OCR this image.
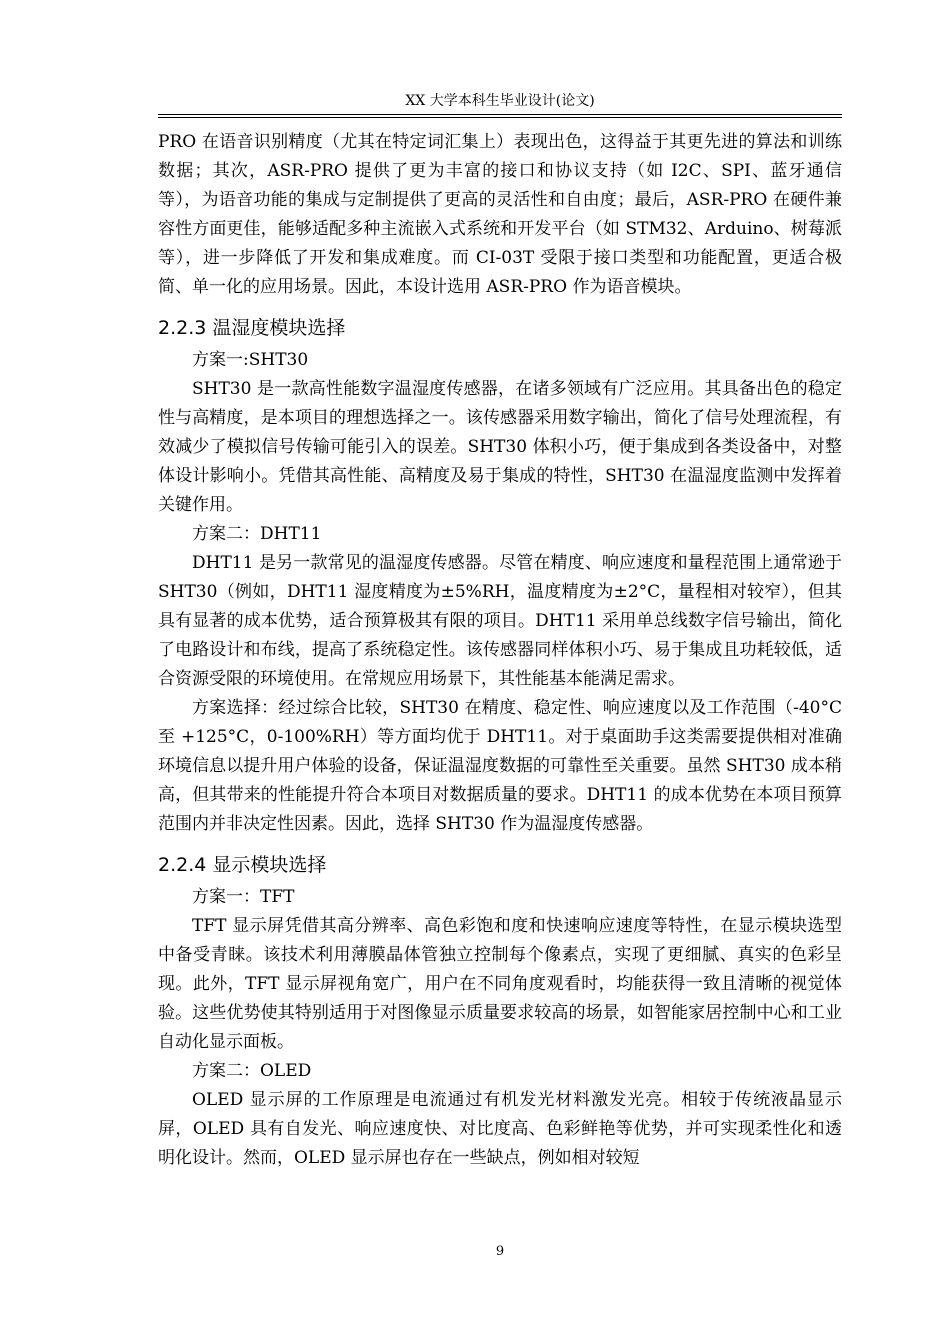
XX 大学本科生毕业设计(论文)

PRO 在语音识别精度（尤其在特定词汇集上）表现出色，这得益于其更先进的算法和训练数据；其次，ASR-PRO 提供了更为丰富的接口和协议支持（如 I2C、SPI、蓝牙通信等），为语音功能的集成与定制提供了更高的灵活性和自由度；最后，ASR-PRO 在硬件兼容性方面更佳，能够适配多种主流嵌入式系统和开发平台（如 STM32、Arduino、树莓派等），进一步降低了开发和集成难度。而 CI-03T 受限于接口类型和功能配置，更适合极简、单一化的应用场景。因此，本设计选用 ASR-PRO 作为语音模块。

2.2.3 温湿度模块选择

方案一:SHT30

SHT30 是一款高性能数字温湿度传感器，在诸多领域有广泛应用。其具备出色的稳定性与高精度，是本项目的理想选择之一。该传感器采用数字输出，简化了信号处理流程，有效减少了模拟信号传输可能引入的误差。SHT30 体积小巧，便于集成到各类设备中，对整体设计影响小。凭借其高性能、高精度及易于集成的特性，SHT30 在温湿度监测中发挥着关键作用。

方案二：DHT11

DHT11 是另一款常见的温湿度传感器。尽管在精度、响应速度和量程范围上通常逊于 SHT30（例如，DHT11 湿度精度为±5%RH，温度精度为±2°C，量程相对较窄），但其具有显著的成本优势，适合预算极其有限的项目。DHT11 采用单总线数字信号输出，简化了电路设计和布线，提高了系统稳定性。该传感器同样体积小巧、易于集成且功耗较低，适合资源受限的环境使用。在常规应用场景下，其性能基本能满足需求。

方案选择：经过综合比较，SHT30 在精度、稳定性、响应速度以及工作范围（-40°C 至 +125°C，0-100%RH）等方面均优于 DHT11。对于桌面助手这类需要提供相对准确环境信息以提升用户体验的设备，保证温湿度数据的可靠性至关重要。虽然 SHT30 成本稍高，但其带来的性能提升符合本项目对数据质量的要求。DHT11 的成本优势在本项目预算范围内并非决定性因素。因此，选择 SHT30 作为温湿度传感器。

2.2.4 显示模块选择

方案一：TFT

TFT 显示屏凭借其高分辨率、高色彩饱和度和快速响应速度等特性，在显示模块选型中备受青睐。该技术利用薄膜晶体管独立控制每个像素点，实现了更细腻、真实的色彩呈现。此外，TFT 显示屏视角宽广，用户在不同角度观看时，均能获得一致且清晰的视觉体验。这些优势使其特别适用于对图像显示质量要求较高的场景，如智能家居控制中心和工业自动化显示面板。

方案二：OLED

OLED 显示屏的工作原理是电流通过有机发光材料激发光亮。相较于传统液晶显示屏，OLED 具有自发光、响应速度快、对比度高、色彩鲜艳等优势，并可实现柔性化和透明化设计。然而，OLED 显示屏也存在一些缺点，例如相对较短

9
